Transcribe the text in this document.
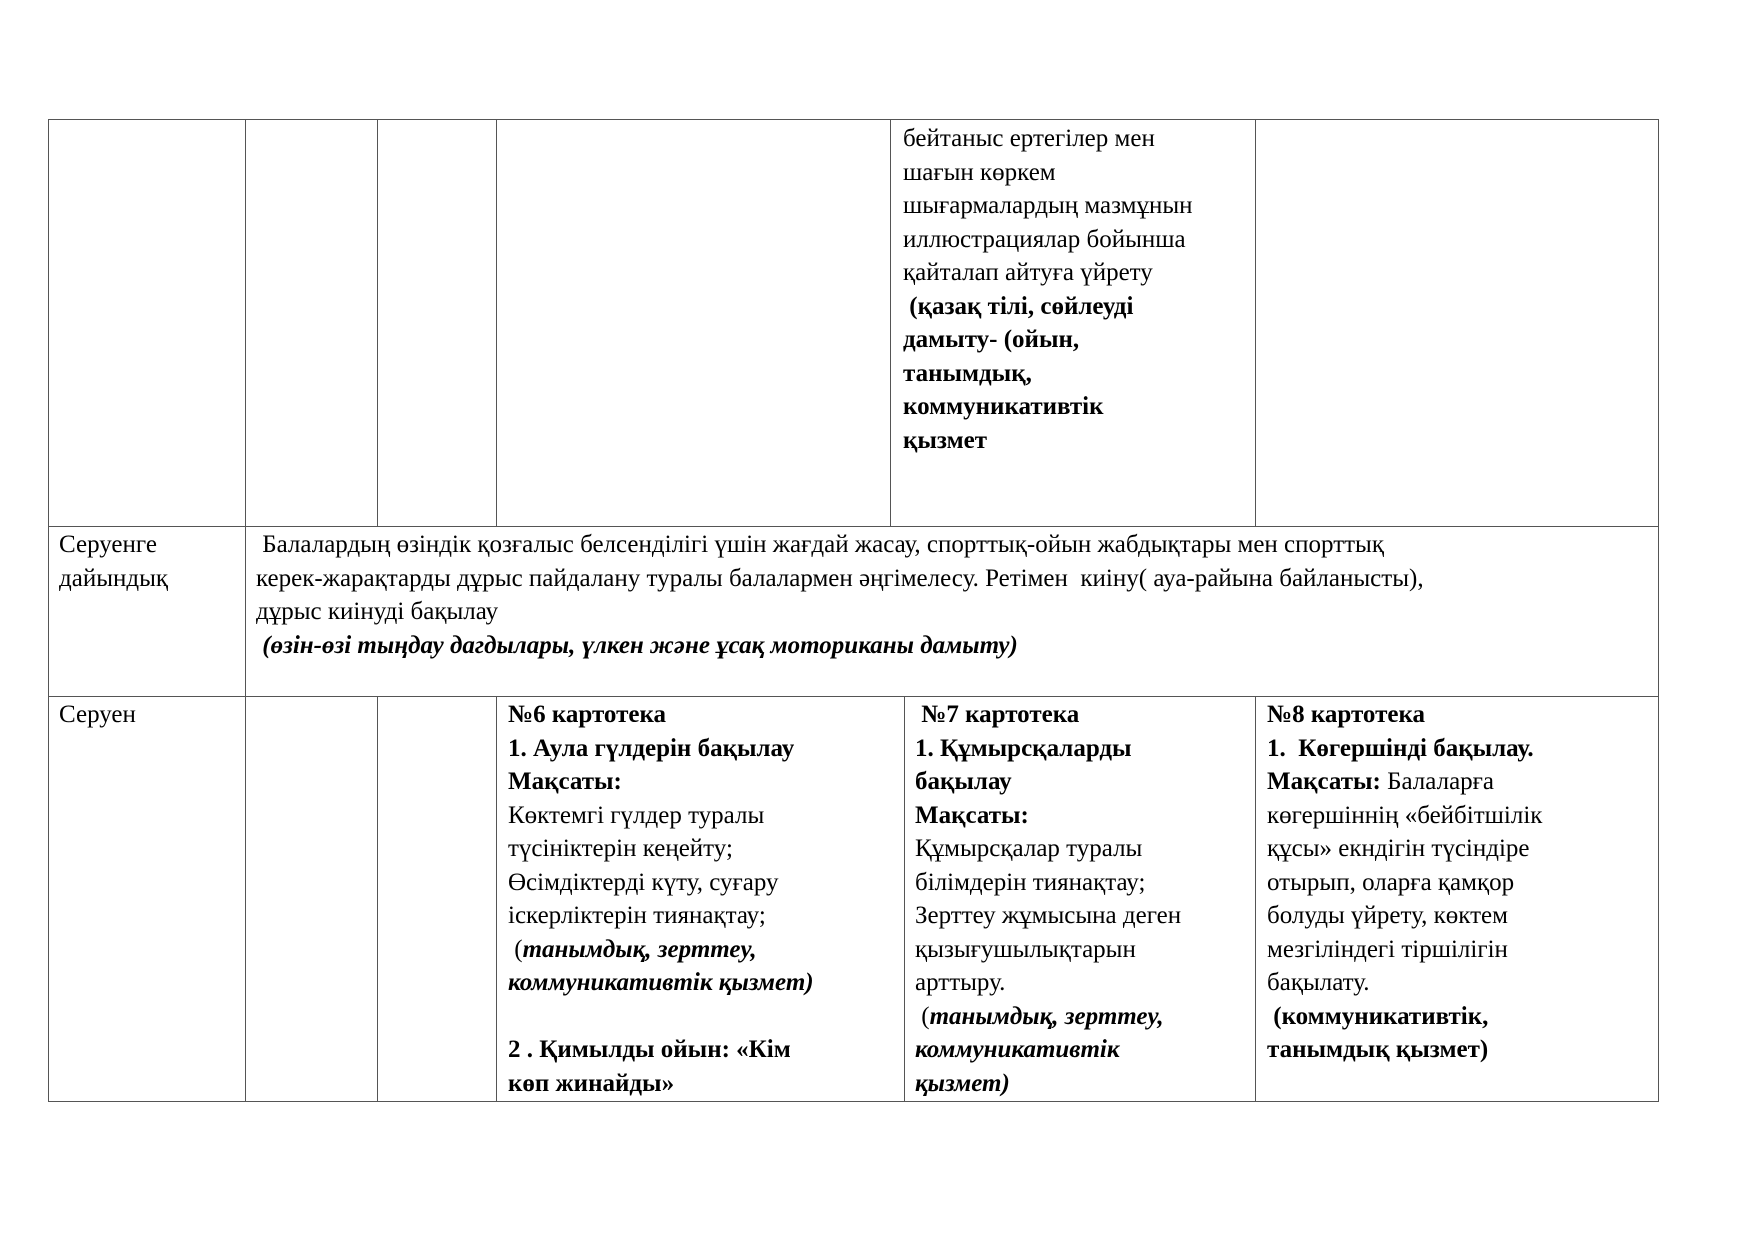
бейтаныс ертегілер мен
шағын көркем
шығармалардың мазмұнын
иллюстрациялар бойынша
қайталап айтуға үйрету
(қазақ тілі, сөйлеуді
дамыту- (ойын,
танымдық,
коммуникативтік
қызмет
Серуенге
дайындық
Балалардың өзіндік қозғалыс белсенділігі үшін жағдай жасау, спорттық-ойын жабдықтары мен спорттық
керек-жарақтарды дұрыс пайдалану туралы балалармен әңгімелесу. Ретімен  киіну( ауа-райына байланысты),
дұрыс киінуді бақылау
(өзін-өзі тыңдау дагдылары, үлкен және ұсақ моториканы дамыту)
Серуен	№6 картотека
1. Аула гүлдерін бақылау
Мақсаты:
Көктемгі гүлдер туралы
түсініктерін кеңейту;
Өсімдіктерді күту, суғару
іскерліктерін тиянақтау;
(танымдық, зерттеу,
коммуникативтік қызмет)
2 . Қимылды ойын: «Кім
көп жинайды»
№7 картотека
1. Құмырсқаларды
бақылау
Мақсаты:
Құмырсқалар туралы
білімдерін тиянақтау;
Зерттеу жұмысына деген
қызығушылықтарын
арттыру.
(танымдық, зерттеу,
коммуникативтік
қызмет)
№8 картотека
1.  Көгершінді бақылау.
Мақсаты: Балаларға
көгершіннің «бейбітшілік
құсы» екндігін түсіндіре
отырып, оларға қамқор
болуды үйрету, көктем
мезгіліндегі тіршілігін
бақылату.
(коммуникативтік,
танымдық қызмет)
